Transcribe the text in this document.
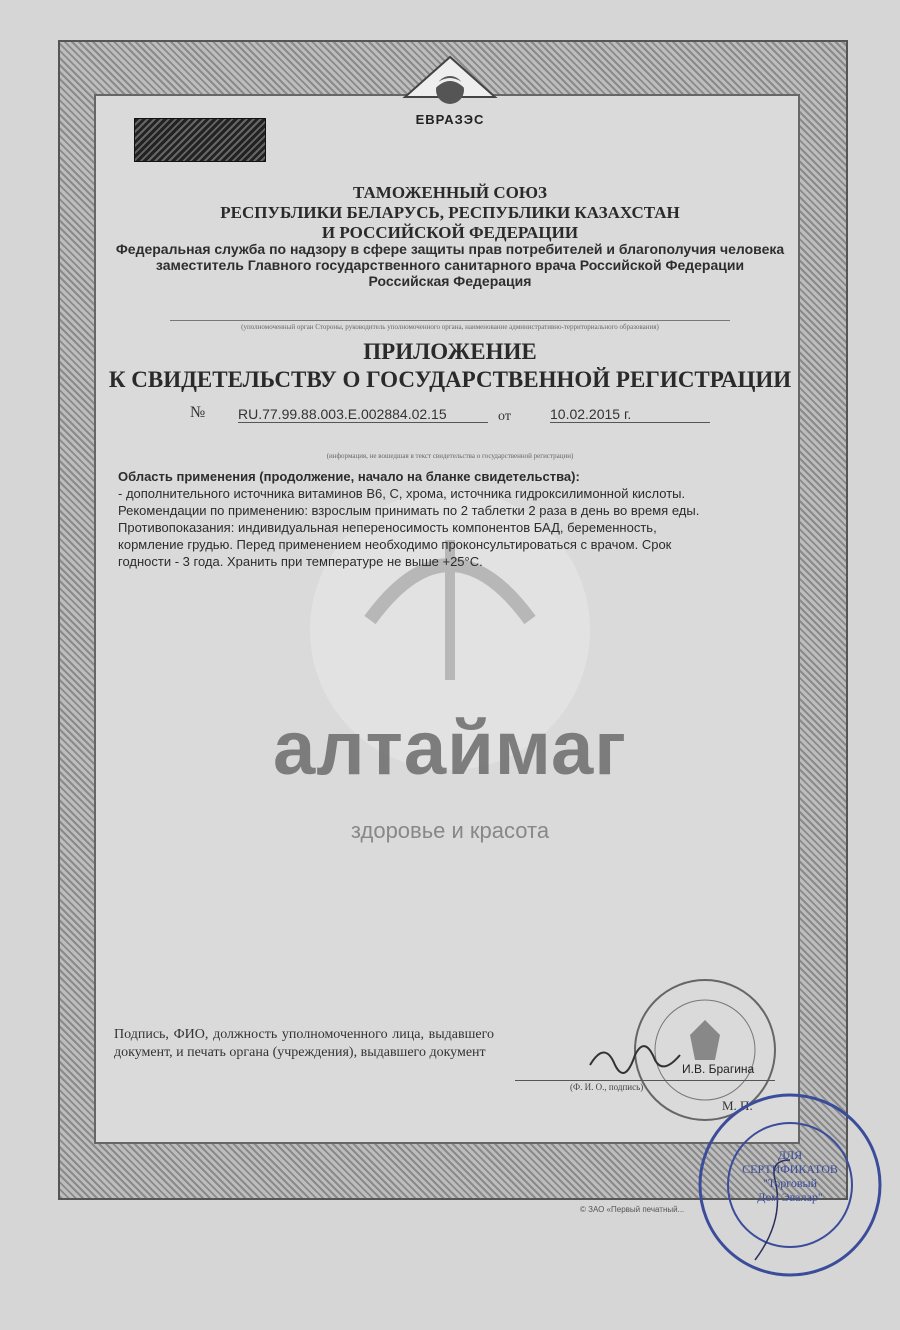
ЕВРАЗЭС
ТАМОЖЕННЫЙ СОЮЗ
РЕСПУБЛИКИ БЕЛАРУСЬ, РЕСПУБЛИКИ КАЗАХСТАН
И РОССИЙСКОЙ ФЕДЕРАЦИИ
Федеральная служба по надзору в сфере защиты прав потребителей и благополучия человека
заместитель Главного государственного санитарного врача Российской Федерации
Российская Федерация
(уполномоченный орган Стороны, руководитель уполномоченного органа, наименование административно-территориального образования)
ПРИЛОЖЕНИЕ
К СВИДЕТЕЛЬСТВУ О ГОСУДАРСТВЕННОЙ РЕГИСТРАЦИИ
№ RU.77.99.88.003.E.002884.02.15	от	10.02.2015 г.
(информация, не вошедшая в текст свидетельства о государственной регистрации)
Область применения (продолжение, начало на бланке свидетельства):
- дополнительного источника витаминов В6, С, хрома, источника гидроксилимонной кислоты.
Рекомендации по применению: взрослым принимать по 2 таблетки 2 раза в день во время еды.
Противопоказания: индивидуальная непереносимость компонентов БАД, беременность,
кормление грудью. Перед применением необходимо проконсультироваться с врачом. Срок
годности - 3 года. Хранить при температуре не выше +25°С.
алтаймаг
здоровье и красота
Подпись, ФИО, должность уполномоченного лица, выдавшего документ, и печать органа (учреждения), выдавшего документ
И.В. Брагина
(Ф. И. О., подпись)
М. П.
ДЛЯ
СЕРТИФИКАТОВ
"Торговый
Дом Эвалар"
© ЗАО «Первый печатный...
